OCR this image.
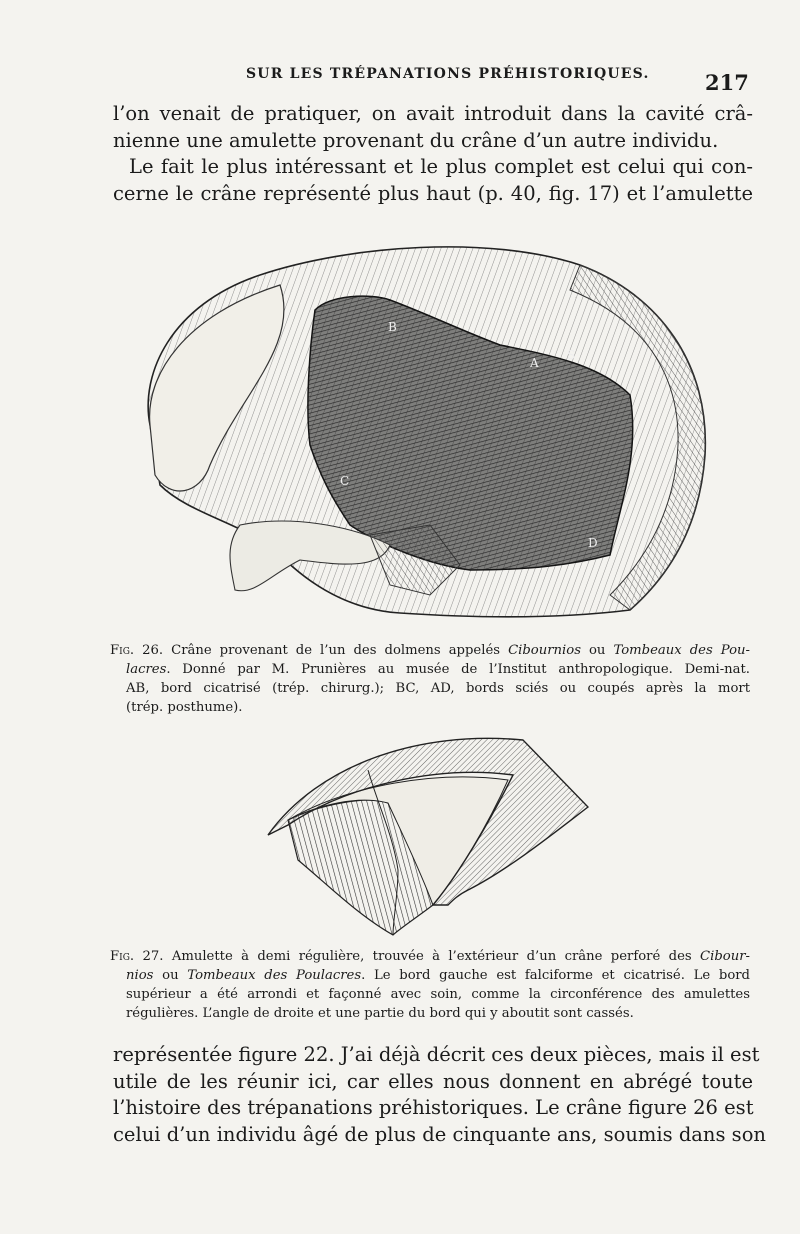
SUR LES TRÉPANATIONS PRÉHISTORIQUES.	217

l’on venait de pratiquer, on avait introduit dans la cavité crâ-
nienne une amulette provenant du crâne d’un autre individu.
Le fait le plus intéressant et le plus complet est celui qui con-
cerne le crâne représenté plus haut (p. 40, fig. 17) et l’amulette

B
A
S
C
D

Fig. 26. Crâne provenant de l’un des dolmens appelés Cibournios ou Tombeaux des Pou-
lacres. Donné par M. Prunières au musée de l’Institut anthropologique. Demi-nat.
AB, bord cicatrisé (trép. chirurg.); BC, AD, bords sciés ou coupés après la mort
(trép. posthume).

Fig. 27. Amulette à demi régulière, trouvée à l’extérieur d’un crâne perforé des Cibour-
nios ou Tombeaux des Poulacres. Le bord gauche est falciforme et cicatrisé. Le bord
supérieur a été arrondi et façonné avec soin, comme la circonférence des amulettes
régulières. L’angle de droite et une partie du bord qui y aboutit sont cassés.

représentée figure 22. J’ai déjà décrit ces deux pièces, mais il est
utile de les réunir ici, car elles nous donnent en abrégé toute
l’histoire des trépanations préhistoriques. Le crâne figure 26 est
celui d’un individu âgé de plus de cinquante ans, soumis dans son
